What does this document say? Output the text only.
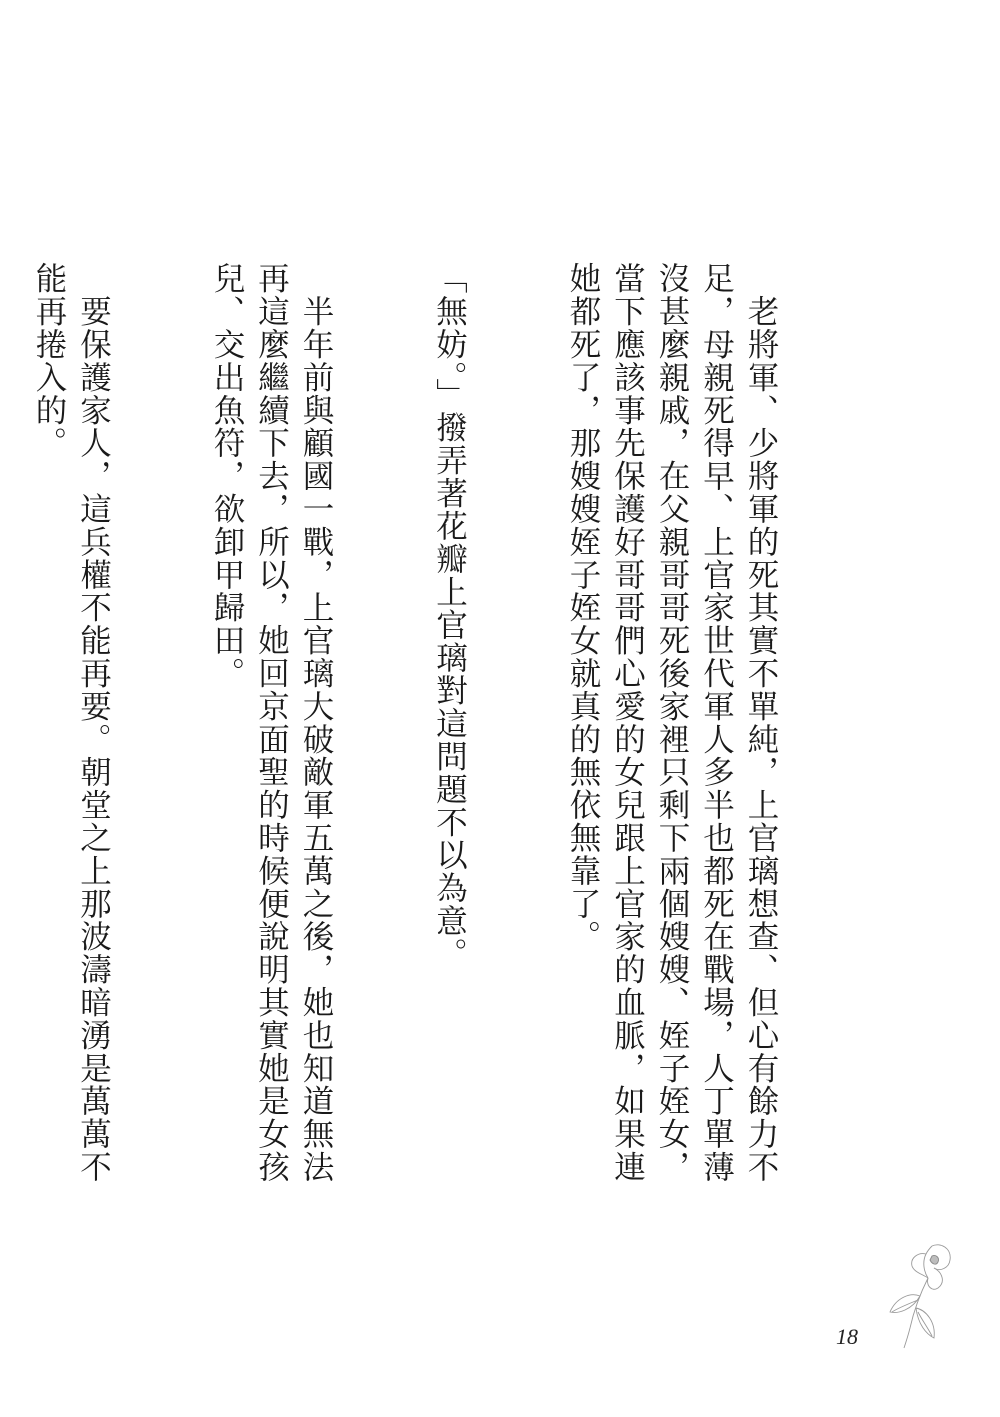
　老將軍、少將軍的死其實不單純，上官璃想查、但心有餘力不足，母親死得早、上官家世代軍人多半也都死在戰場，人丁單薄沒甚麼親戚，在父親哥哥死後家裡只剩下兩個嫂嫂、姪子姪女，當下應該事先保護好哥哥們心愛的女兒跟上官家的血脈，如果連她都死了，那嫂嫂姪子姪女就真的無依無靠了。

「無妨。」撥弄著花瓣上官璃對這問題不以為意。

　半年前與顧國一戰，上官璃大破敵軍五萬之後，她也知道無法再這麼繼續下去，所以，她回京面聖的時候便說明其實她是女孩兒、交出魚符，欲卸甲歸田。

　要保護家人，這兵權不能再要。朝堂之上那波濤暗湧是萬萬不能再捲入的。

18
